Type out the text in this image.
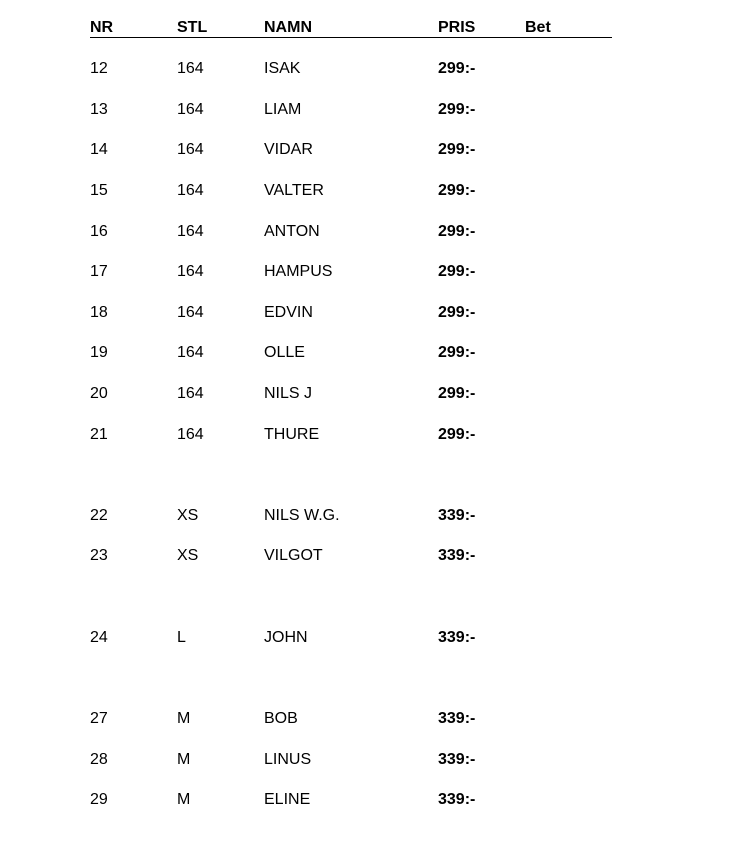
NR	STL	NAMN	PRIS	Bet
12	164	ISAK	299:-
13	164	LIAM	299:-
14	164	VIDAR	299:-
15	164	VALTER	299:-
16	164	ANTON	299:-
17	164	HAMPUS	299:-
18	164	EDVIN	299:-
19	164	OLLE	299:-
20	164	NILS J	299:-
21	164	THURE	299:-
22	XS	NILS W.G.	339:-
23	XS	VILGOT	339:-
24	L	JOHN	339:-
27	M	BOB	339:-
28	M	LINUS	339:-
29	M	ELINE	339:-
